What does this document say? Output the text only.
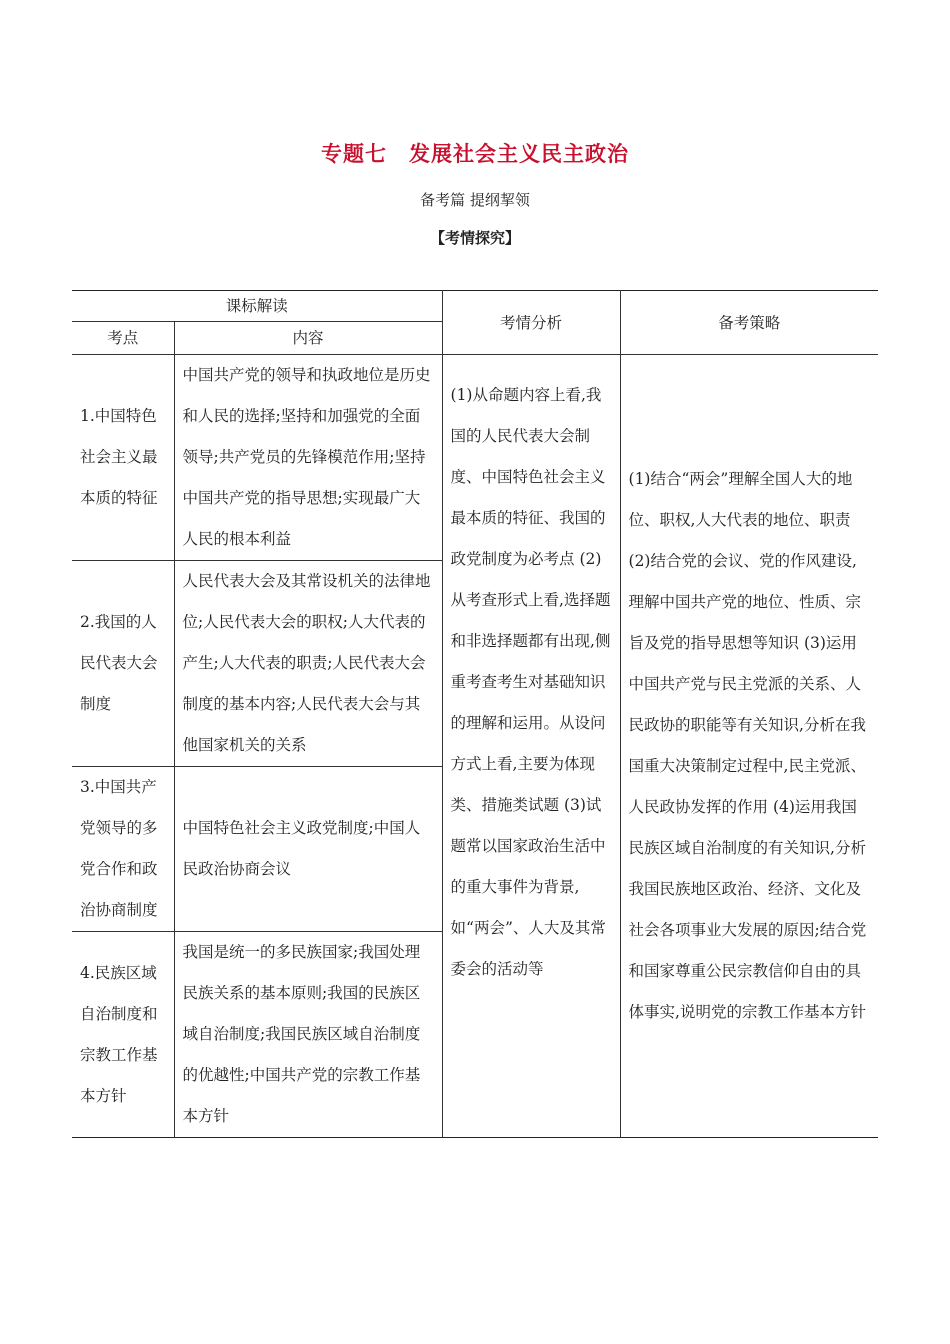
专题七　发展社会主义民主政治
备考篇 提纲挈领
【考情探究】
课标解读		考情分析	备考策略
考点	内容		

1.中国特色社会主义最本质的特征	中国共产党的领导和执政地位是历史和人民的选择;坚持和加强党的全面领导;共产党员的先锋模范作用;坚持中国共产党的指导思想;实现最广大人民的根本利益	(1)从命题内容上看,我国的人民代表大会制度、中国特色社会主义最本质的特征、我国的政党制度为必考点 (2)从考查形式上看,选择题和非选择题都有出现,侧重考查考生对基础知识的理解和运用。从设问方式上看,主要为体现类、措施类试题 (3)试题常以国家政治生活中的重大事件为背景,如“两会”、人大及其常委会的活动等	(1)结合“两会”理解全国人大的地位、职权,人大代表的地位、职责 (2)结合党的会议、党的作风建设,理解中国共产党的地位、性质、宗旨及党的指导思想等知识 (3)运用中国共产党与民主党派的关系、人民政协的职能等有关知识,分析在我国重大决策制定过程中,民主党派、人民政协发挥的作用 (4)运用我国民族区域自治制度的有关知识,分析我国民族地区政治、经济、文化及社会各项事业大发展的原因;结合党和国家尊重公民宗教信仰自由的具体事实,说明党的宗教工作基本方针

2.我国的人民代表大会制度	人民代表大会及其常设机关的法律地位;人民代表大会的职权;人大代表的产生;人大代表的职责;人民代表大会制度的基本内容;人民代表大会与其他国家机关的关系		

3.中国共产党领导的多党合作和政治协商制度	中国特色社会主义政党制度;中国人民政治协商会议		

4.民族区域自治制度和宗教工作基本方针	我国是统一的多民族国家;我国处理民族关系的基本原则;我国的民族区域自治制度;我国民族区域自治制度的优越性;中国共产党的宗教工作基本方针		
